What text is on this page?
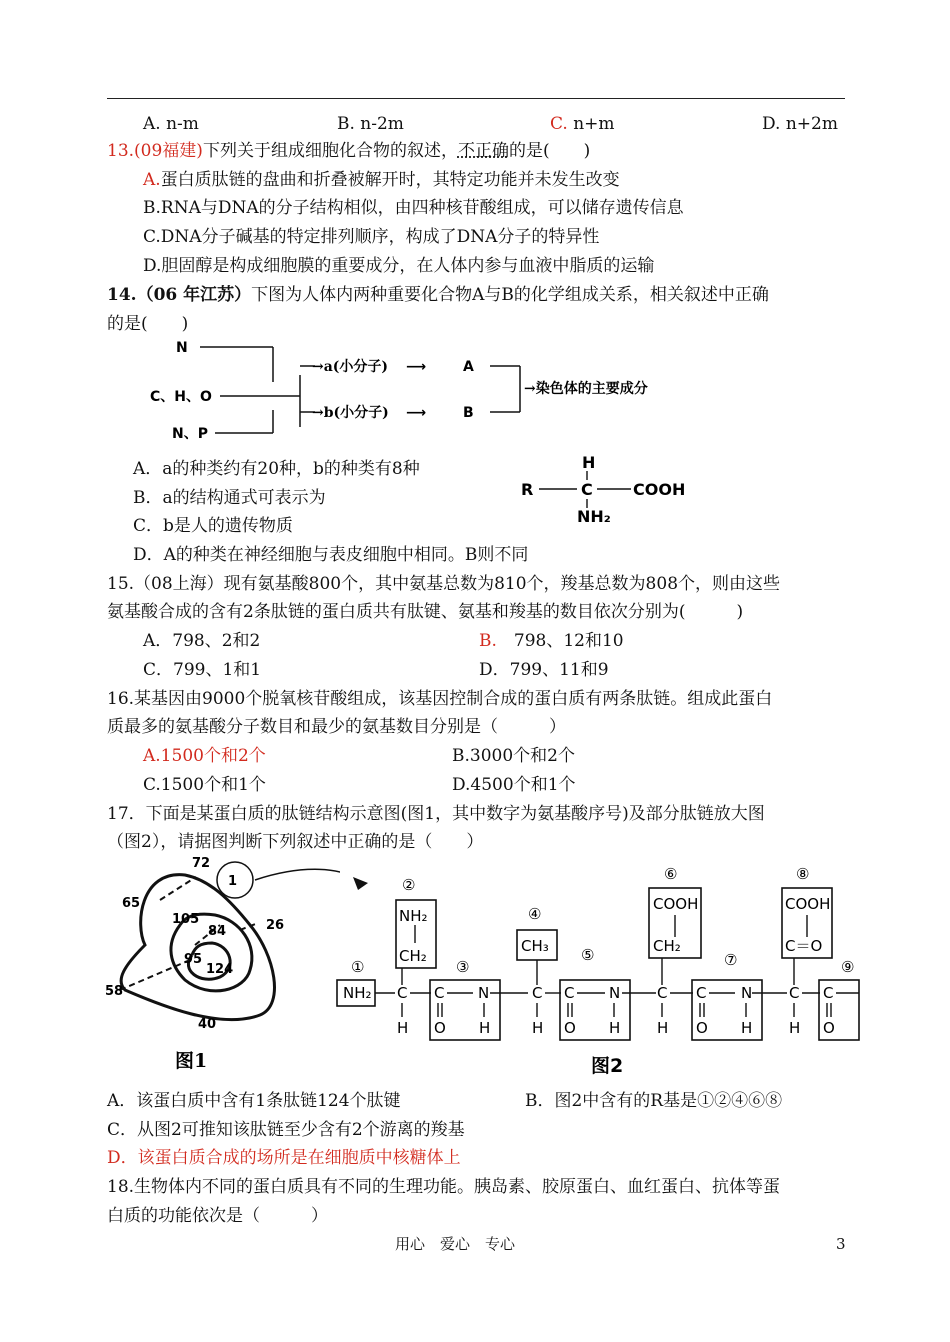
A. n-m	B. n-2m	C. n+m	D. n+2m
13.(09福建)下列关于组成细胞化合物的叙述，不正确的是(　　)
A.蛋白质肽链的盘曲和折叠被解开时，其特定功能并未发生改变
B.RNA与DNA的分子结构相似，由四种核苷酸组成，可以储存遗传信息
C.DNA分子碱基的特定排列顺序，构成了DNA分子的特异性
D.胆固醇是构成细胞膜的重要成分，在人体内参与血液中脂质的运输
14.（06 年江苏）下图为人体内两种重要化合物A与B的化学组成关系，相关叙述中正确
的是(　　)
N
C、H、O
N、P
→a(小分子) ⟶	A
→b(小分子) ⟶	B
→染色体的主要成分
A．a的种类约有20种，b的种类有8种
B．a的结构通式可表示为
C．b是人的遗传物质
D．A的种类在神经细胞与表皮细胞中相同。B则不同
H
R	C	COOH
NH₂
15.（08上海）现有氨基酸800个，其中氨基总数为810个，羧基总数为808个，则由这些
氨基酸合成的含有2条肽链的蛋白质共有肽键、氨基和羧基的数目依次分别为(　　　)
A．798、2和2	B.　798、12和10
C．799、1和1	D．799、11和9
16.某基因由9000个脱氧核苷酸组成，该基因控制合成的蛋白质有两条肽链。组成此蛋白
质最多的氨基酸分子数目和最少的氨基数目分别是（　　　）
A.1500个和2个	B.3000个和2个
C.1500个和1个	D.4500个和1个
17．下面是某蛋白质的肽链结构示意图(图1，其中数字为氨基酸序号)及部分肽链放大图
（图2），请据图判断下列叙述中正确的是（　　）
72
65
1
105
84	26
95
124
58
40
图1
①
②
③
④
⑤
⑥
⑦
⑧
⑨
NH₂
NH₂
CH₂
CH₃
COOH
CH₂
COOH
C＝O
C C N	C C N C C N C C
H O H	H O H H O H H O
图2
A．该蛋白质中含有1条肽链124个肽键	B．图2中含有的R基是①②④⑥⑧
C．从图2可推知该肽链至少含有2个游离的羧基
D．该蛋白质合成的场所是在细胞质中核糖体上
18.生物体内不同的蛋白质具有不同的生理功能。胰岛素、胶原蛋白、血红蛋白、抗体等蛋
白质的功能依次是（　　　）
用心　爱心　专心	3
